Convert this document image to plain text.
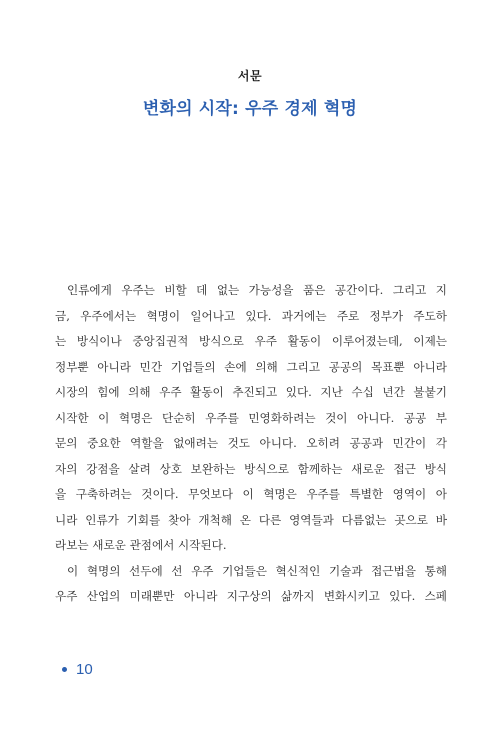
서문
변화의 시작: 우주 경제 혁명
인류에게 우주는 비할 데 없는 가능성을 품은 공간이다. 그리고 지
금, 우주에서는 혁명이 일어나고 있다. 과거에는 주로 정부가 주도하
는 방식이나 중앙집권적 방식으로 우주 활동이 이루어졌는데, 이제는
정부뿐 아니라 민간 기업들의 손에 의해 그리고 공공의 목표뿐 아니라
시장의 힘에 의해 우주 활동이 추진되고 있다. 지난 수십 년간 불붙기
시작한 이 혁명은 단순히 우주를 민영화하려는 것이 아니다. 공공 부
문의 중요한 역할을 없애려는 것도 아니다. 오히려 공공과 민간이 각
자의 강점을 살려 상호 보완하는 방식으로 함께하는 새로운 접근 방식
을 구축하려는 것이다. 무엇보다 이 혁명은 우주를 특별한 영역이 아
니라 인류가 기회를 찾아 개척해 온 다른 영역들과 다름없는 곳으로 바
라보는 새로운 관점에서 시작된다.
이 혁명의 선두에 선 우주 기업들은 혁신적인 기술과 접근법을 통해
우주 산업의 미래뿐만 아니라 지구상의 삶까지 변화시키고 있다. 스페
10
